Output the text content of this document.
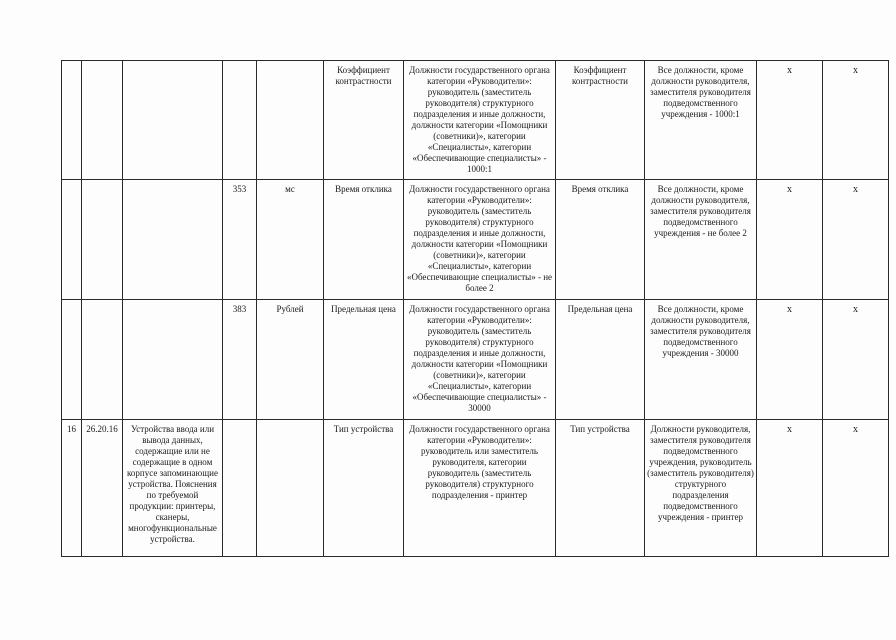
					Коэффициент контрастности	Должности государственного органа категории «Руководители»: руководитель (заместитель руководителя) структурного подразделения и иные должности, должности категории «Помощники (советники)», категории «Специалисты», категории «Обеспечивающие специалисты» - 1000:1	Коэффициент контрастности	Все должности, кроме должности руководителя, заместителя руководителя подведомственного учреждения - 1000:1	x	x
			353	мс	Время отклика	Должности государственного органа категории «Руководители»: руководитель (заместитель руководителя) структурного подразделения и иные должности, должности категории «Помощники (советники)», категории «Специалисты», категории «Обеспечивающие специалисты» - не более 2	Время отклика	Все должности, кроме должности руководителя, заместителя руководителя подведомственного учреждения - не более 2	x	x
			383	Рублей	Предельная цена	Должности государственного органа категории «Руководители»: руководитель (заместитель руководителя) структурного подразделения и иные должности, должности категории «Помощники (советники)», категории «Специалисты», категории «Обеспечивающие специалисты» - 30000	Предельная цена	Все должности, кроме должности руководителя, заместителя руководителя подведомственного учреждения - 30000	x	x
16	26.20.16	Устройства ввода или вывода данных, содержащие или не содержащие в одном корпусе запоминающие устройства. Пояснения по требуемой продукции: принтеры, сканеры, многофункциональные устройства.			Тип устройства	Должности государственного органа категории «Руководители»: руководитель или заместитель руководителя, категории руководитель (заместитель руководителя) структурного подразделения - принтер	Тип устройства	Должности руководителя, заместителя руководителя подведомственного учреждения, руководитель (заместитель руководителя) структурного подразделения подведомственного учреждения - принтер	x	x
